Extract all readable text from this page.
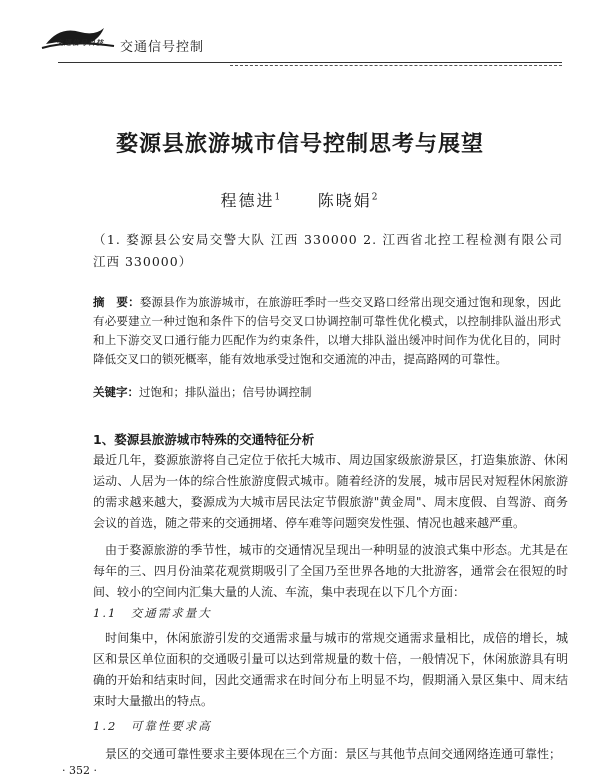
交通信号科技 交通信号控制
婺源县旅游城市信号控制思考与展望
程德进$^1$ 陈晓娟$^2$
（1. 婺源县公安局交警大队 江西 330000 2. 江西省北控工程检测有限公司 江西 330000）
摘　要：婺源县作为旅游城市，在旅游旺季时一些交叉路口经常出现交通过饱和现象，因此有必要建立一种过饱和条件下的信号交叉口协调控制可靠性优化模式，以控制排队溢出形式和上下游交叉口通行能力匹配作为约束条件，以增大排队溢出缓冲时间作为优化目的，同时降低交叉口的锁死概率，能有效地承受过饱和交通流的冲击，提高路网的可靠性。
关键字：过饱和；排队溢出；信号协调控制
1、婺源县旅游城市特殊的交通特征分析
最近几年，婺源旅游将自己定位于依托大城市、周边国家级旅游景区，打造集旅游、休闲运动、人居为一体的综合性旅游度假式城市。随着经济的发展，城市居民对短程休闲旅游的需求越来越大，婺源成为大城市居民法定节假旅游"黄金周"、周末度假、自驾游、商务会议的首选，随之带来的交通拥堵、停车难等问题突发性强、情况也越来越严重。
由于婺源旅游的季节性，城市的交通情况呈现出一种明显的波浪式集中形态。尤其是在每年的三、四月份油菜花观赏期吸引了全国乃至世界各地的大批游客，通常会在很短的时间、较小的空间内汇集大量的人流、车流，集中表现在以下几个方面：
1.1　交通需求量大
时间集中，休闲旅游引发的交通需求量与城市的常规交通需求量相比，成倍的增长，城区和景区单位面积的交通吸引量可以达到常规量的数十倍，一般情况下，休闲旅游具有明确的开始和结束时间，因此交通需求在时间分布上明显不均，假期涌入景区集中、周末结束时大量撤出的特点。
1.2　可靠性要求高
景区的交通可靠性要求主要体现在三个方面：景区与其他节点间交通网络连通可靠性；
· 352 ·
